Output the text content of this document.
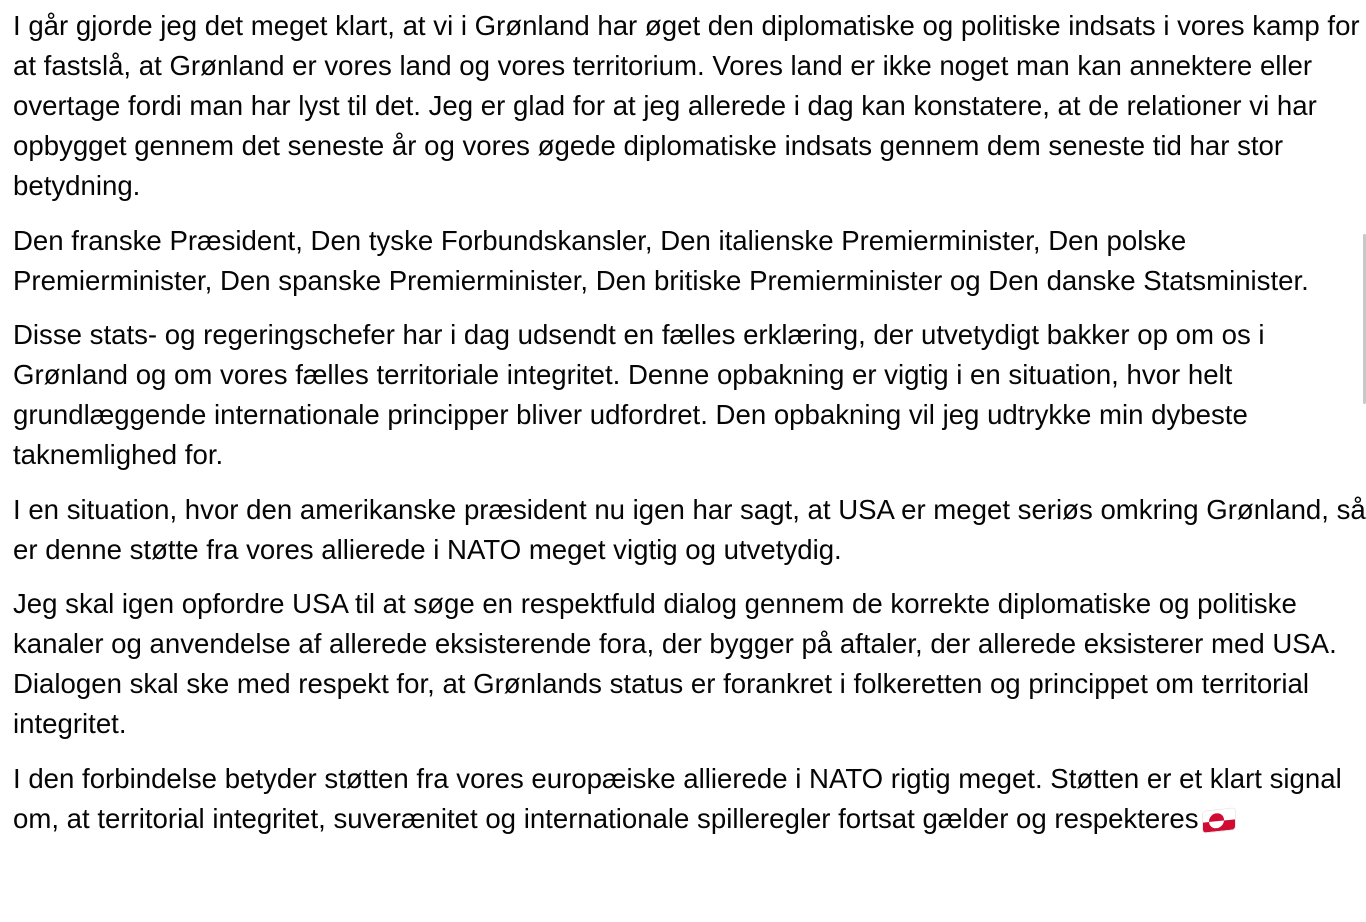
I går gjorde jeg det meget klart, at vi i Grønland har øget den diplomatiske og politiske indsats i vores kamp for at fastslå, at Grønland er vores land og vores territorium. Vores land er ikke noget man kan annektere eller overtage fordi man har lyst til det. Jeg er glad for at jeg allerede i dag kan konstatere, at de relationer vi har opbygget gennem det seneste år og vores øgede diplomatiske indsats gennem dem seneste tid har stor betydning.

Den franske Præsident, Den tyske Forbundskansler, Den italienske Premierminister, Den polske Premierminister, Den spanske Premierminister, Den britiske Premierminister og Den danske Statsminister.

Disse stats- og regeringschefer har i dag udsendt en fælles erklæring, der utvetydigt bakker op om os i Grønland og om vores fælles territoriale integritet. Denne opbakning er vigtig i en situation, hvor helt grundlæggende internationale principper bliver udfordret. Den opbakning vil jeg udtrykke min dybeste taknemlighed for.

I en situation, hvor den amerikanske præsident nu igen har sagt, at USA er meget seriøs omkring Grønland, så er denne støtte fra vores allierede i NATO meget vigtig og utvetydig.

Jeg skal igen opfordre USA til at søge en respektfuld dialog gennem de korrekte diplomatiske og politiske kanaler og anvendelse af allerede eksisterende fora, der bygger på aftaler, der allerede eksisterer med USA. Dialogen skal ske med respekt for, at Grønlands status er forankret i folkeretten og princippet om territorial integritet.

I den forbindelse betyder støtten fra vores europæiske allierede i NATO rigtig meget. Støtten er et klart signal om, at territorial integritet, suverænitet og internationale spilleregler fortsat gælder og respekteres
